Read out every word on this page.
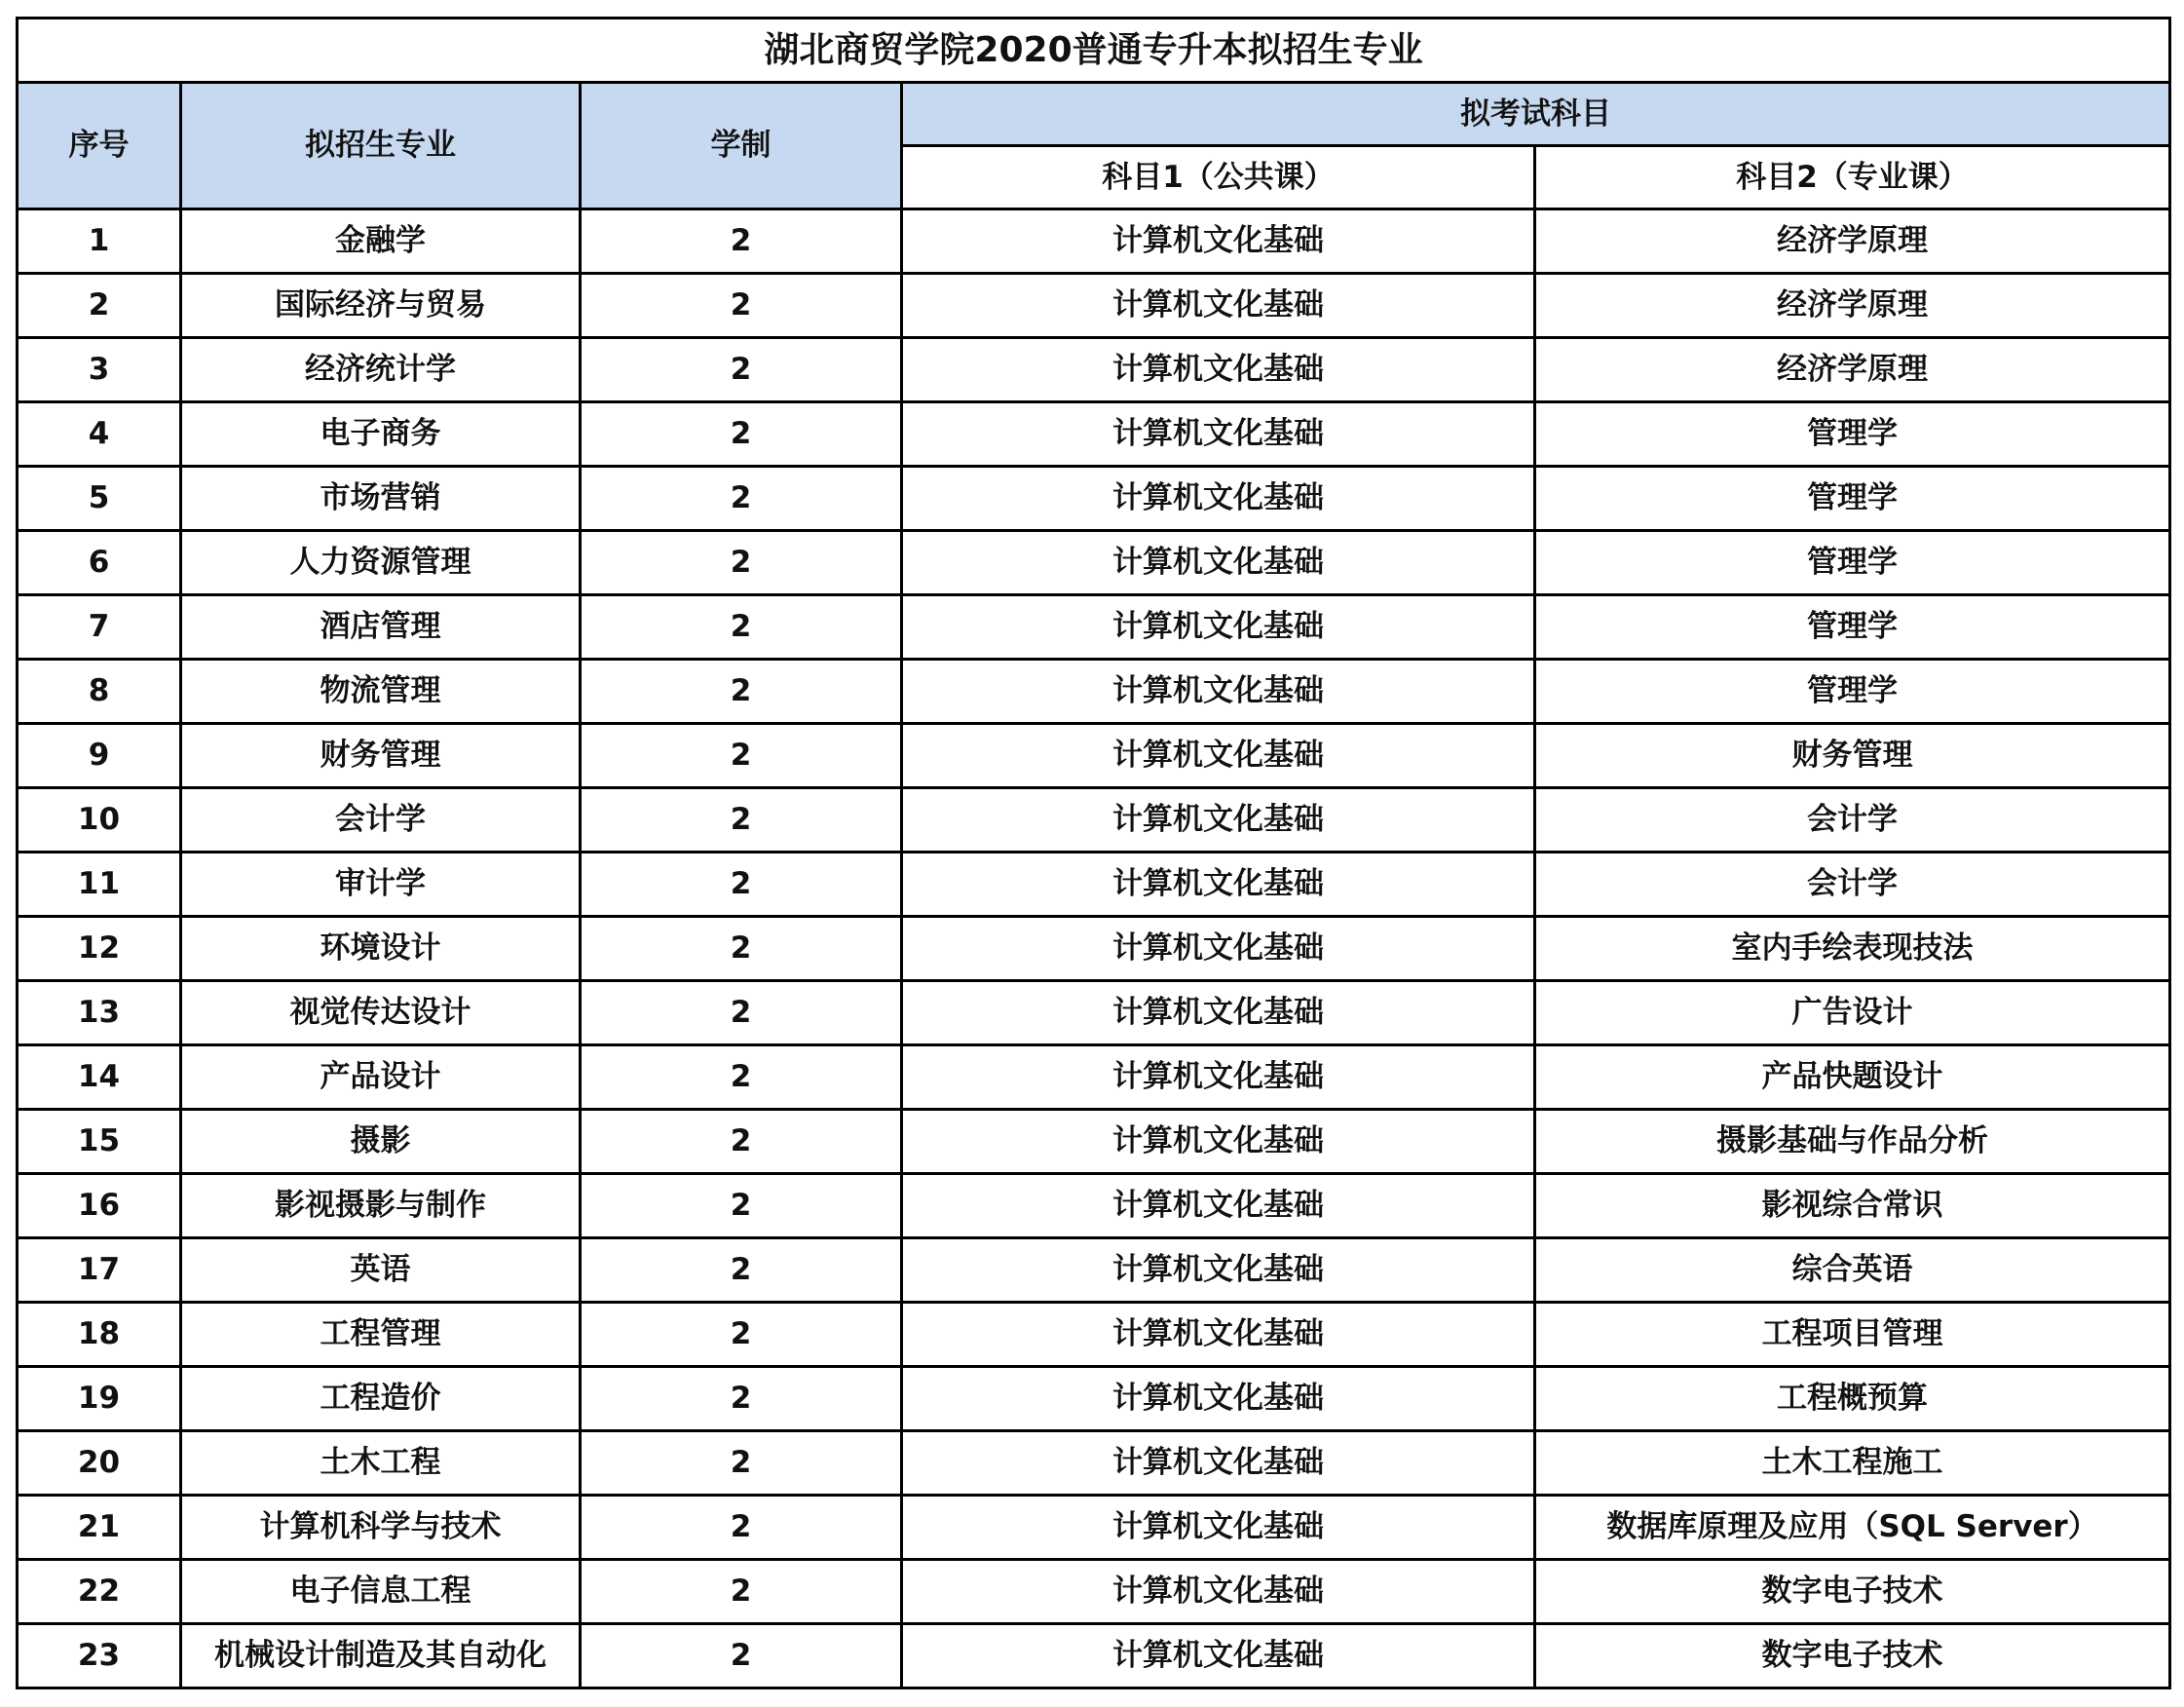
湖北商贸学院2020普通专升本拟招生专业				
序号	拟招生专业	学制	拟考试科目	
			科目1（公共课）	科目2（专业课）
1	金融学	2	计算机文化基础	经济学原理
2	国际经济与贸易	2	计算机文化基础	经济学原理
3	经济统计学	2	计算机文化基础	经济学原理
4	电子商务	2	计算机文化基础	管理学
5	市场营销	2	计算机文化基础	管理学
6	人力资源管理	2	计算机文化基础	管理学
7	酒店管理	2	计算机文化基础	管理学
8	物流管理	2	计算机文化基础	管理学
9	财务管理	2	计算机文化基础	财务管理
10	会计学	2	计算机文化基础	会计学
11	审计学	2	计算机文化基础	会计学
12	环境设计	2	计算机文化基础	室内手绘表现技法
13	视觉传达设计	2	计算机文化基础	广告设计
14	产品设计	2	计算机文化基础	产品快题设计
15	摄影	2	计算机文化基础	摄影基础与作品分析
16	影视摄影与制作	2	计算机文化基础	影视综合常识
17	英语	2	计算机文化基础	综合英语
18	工程管理	2	计算机文化基础	工程项目管理
19	工程造价	2	计算机文化基础	工程概预算
20	土木工程	2	计算机文化基础	土木工程施工
21	计算机科学与技术	2	计算机文化基础	数据库原理及应用（SQL Server）
22	电子信息工程	2	计算机文化基础	数字电子技术
23	机械设计制造及其自动化	2	计算机文化基础	数字电子技术
